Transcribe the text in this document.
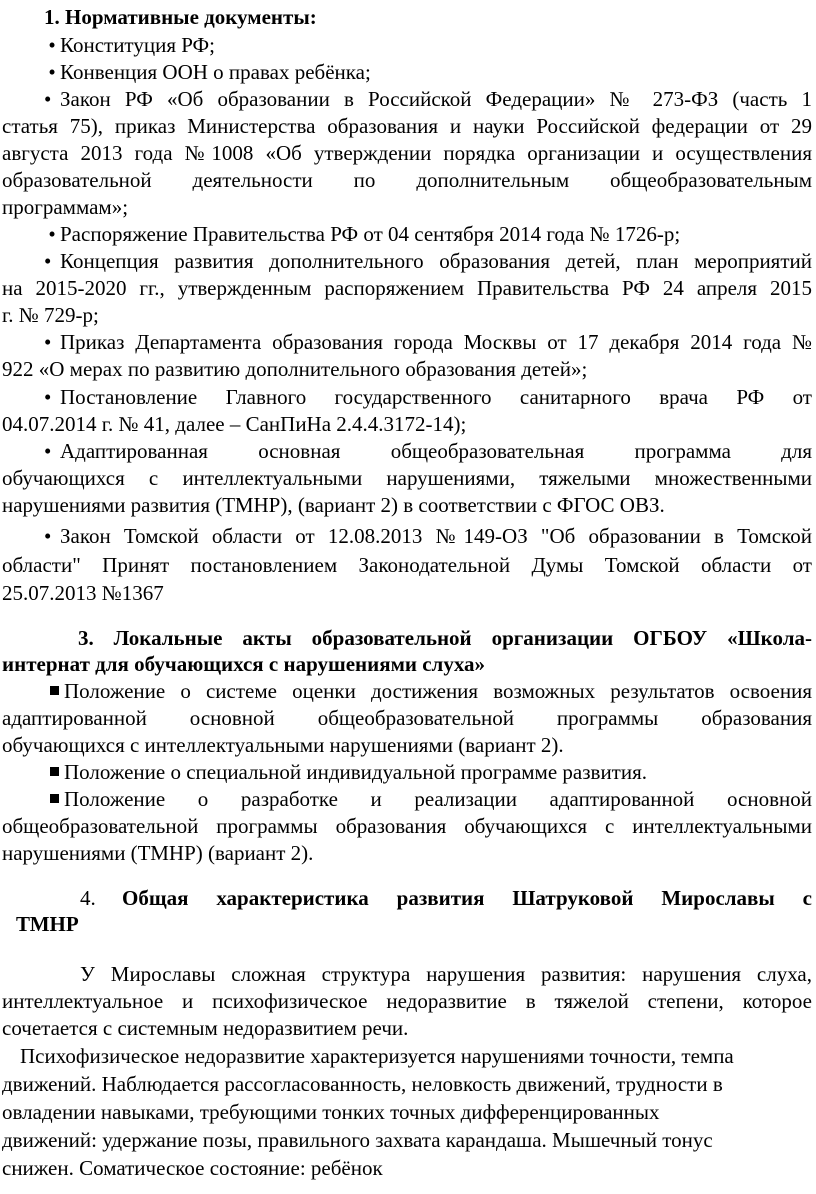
1. Нормативные документы:
• Конституция РФ;
• Конвенция ООН о правах ребёнка;
• Закон РФ «Об образовании в Российской Федерации» № 273-ФЗ (часть 1
статья 75), приказ Министерства образования и науки Российской федерации от 29
августа 2013 года №1008 «Об утверждении порядка организации и осуществления
образовательной деятельности по дополнительным общеобразовательным
программам»;
• Распоряжение Правительства РФ от 04 сентября 2014 года № 1726-р;
• Концепция развития дополнительного образования детей, план мероприятий
на 2015-2020 гг., утвержденным распоряжением Правительства РФ 24 апреля 2015
г. № 729-р;
• Приказ Департамента образования города Москвы от 17 декабря 2014 года №
922 «О мерах по развитию дополнительного образования детей»;
• Постановление Главного государственного санитарного врача РФ от
04.07.2014 г. № 41, далее – СанПиНа 2.4.4.3172-14);
• Адаптированная основная общеобразовательная программа для
обучающихся с интеллектуальными нарушениями, тяжелыми множественными
нарушениями развития (ТМНР), (вариант 2) в соответствии с ФГОС ОВЗ.
• Закон Томской области от 12.08.2013 №149-ОЗ "Об образовании в Томской
области" Принят постановлением Законодательной Думы Томской области от
25.07.2013 №1367
3. Локальные акты образовательной организации ОГБОУ «Школа-
интернат для обучающихся с нарушениями слуха»
Положение о системе оценки достижения возможных результатов освоения
адаптированной основной общеобразовательной программы образования
обучающихся с интеллектуальными нарушениями (вариант 2).
Положение о специальной индивидуальной программе развития.
Положение о разработке и реализации адаптированной основной
общеобразовательной программы образования обучающихся с интеллектуальными
нарушениями (ТМНР) (вариант 2).
4.	Общая характеристика развития Шатруковой Мирославы с
ТМНР
У Мирославы сложная структура нарушения развития: нарушения слуха,
интеллектуальное и психофизическое недоразвитие в тяжелой степени, которое
сочетается с системным недоразвитием речи.
Психофизическое недоразвитие характеризуется нарушениями точности, темпа
движений. Наблюдается рассогласованность, неловкость движений, трудности в
овладении навыками, требующими тонких точных дифференцированных
движений: удержание позы, правильного захвата карандаша. Мышечный тонус
снижен. Соматическое состояние: ребёнок
